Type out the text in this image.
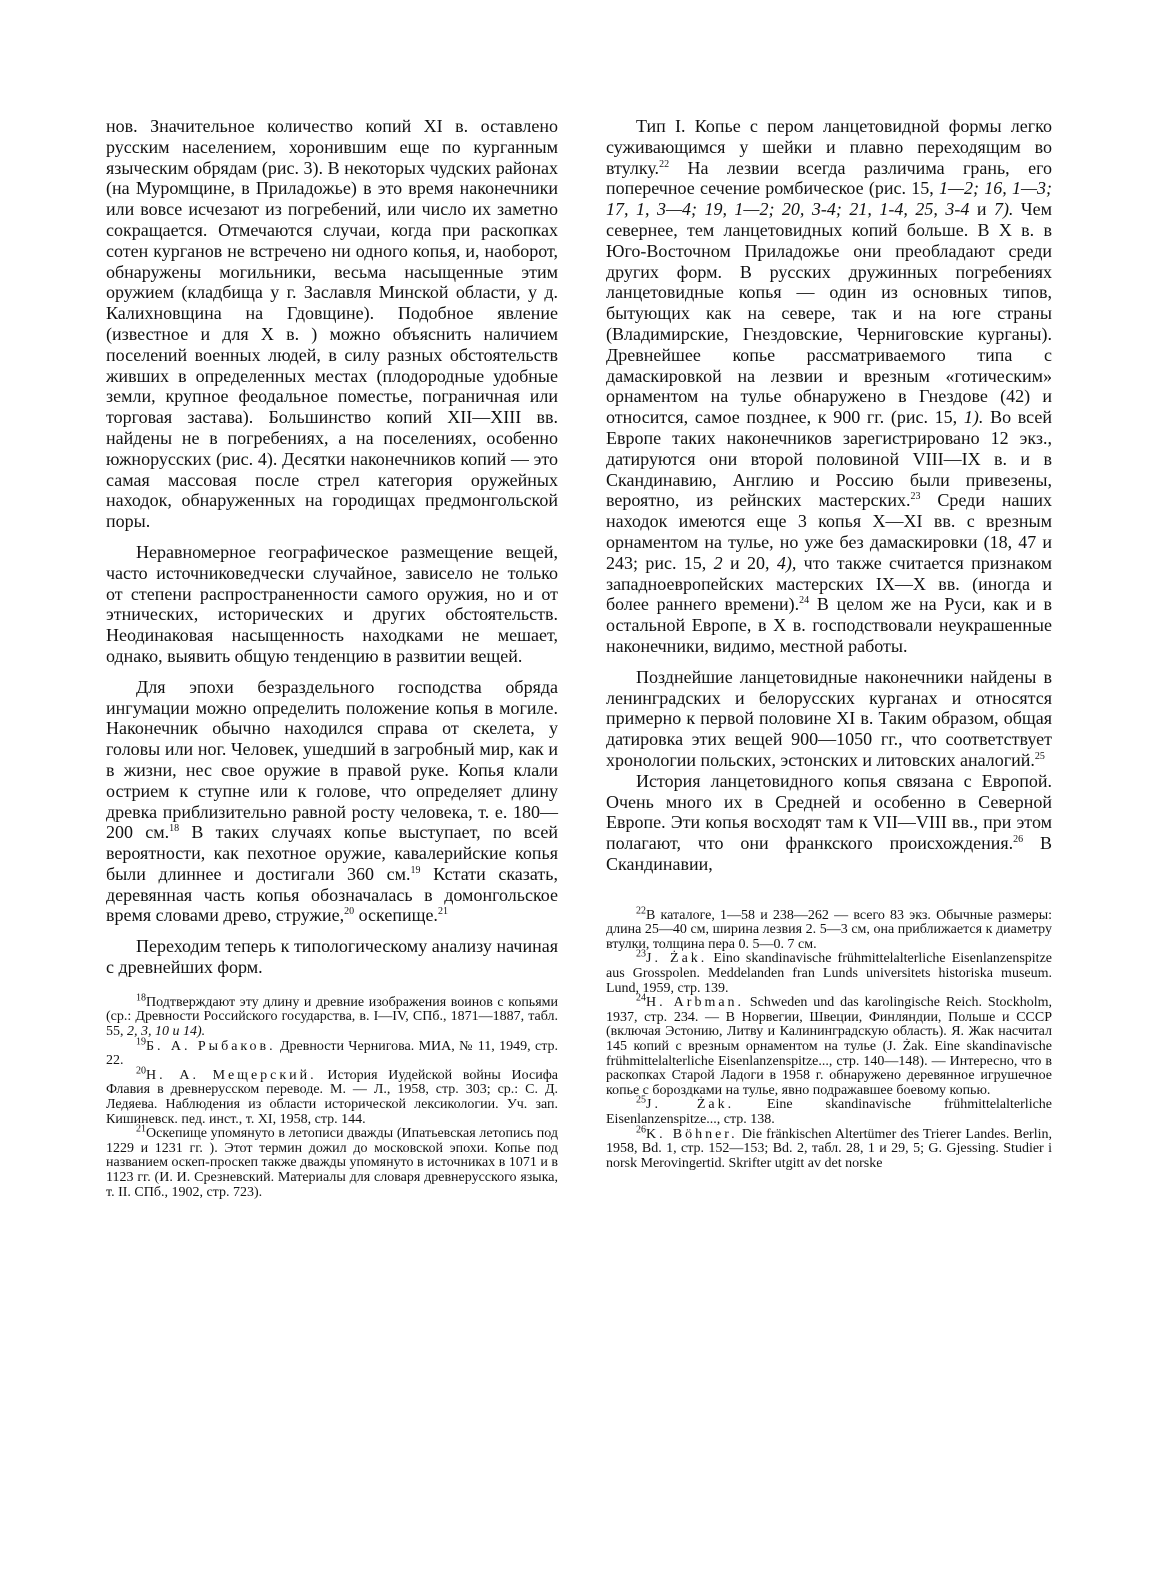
нов. Значительное количество копий XI в. оставлено русским населением, хоронившим еще по курганным языческим обрядам (рис. 3). В некоторых чудских районах (на Муромщине, в Приладожье) в это время наконечники или вовсе исчезают из погребений, или число их заметно сокращается. Отмечаются случаи, когда при раскопках сотен курганов не встречено ни одного копья, и, наоборот, обнаружены могильники, весьма насыщенные этим оружием (кладбища у г. Заславля Минской области, у д. Калихновщина на Гдовщине). Подобное явление (известное и для X в. ) можно объяснить наличием поселений военных людей, в силу разных обстоятельств живших в определенных местах (плодородные удобные земли, крупное феодальное поместье, пограничная или торговая застава). Большинство копий XII—XIII вв. найдены не в погребениях, а на поселениях, особенно южнорусских (рис. 4). Десятки наконечников копий — это самая массовая после стрел категория оружейных находок, обнаруженных на городищах предмонгольской поры.

Неравномерное географическое размещение вещей, часто источниковедчески случайное, зависело не только от степени распространенности самого оружия, но и от этнических, исторических и других обстоятельств. Неодинаковая насыщенность находками не мешает, однако, выявить общую тенденцию в развитии вещей.

Для эпохи безраздельного господства обряда ингумации можно определить положение копья в могиле. Наконечник обычно находился справа от скелета, у головы или ног. Человек, ушедший в загробный мир, как и в жизни, нес свое оружие в правой руке. Копья клали острием к ступне или к голове, что определяет длину древка приблизительно равной росту человека, т. е. 180—200 см.$^{18}$ В таких случаях копье выступает, по всей вероятности, как пехотное оружие, кавалерийские копья были длиннее и достигали 360 см.$^{19}$ Кстати сказать, деревянная часть копья обозначалась в домонгольское время словами древо, стружие,$^{20}$ оскепище.$^{21}$

Переходим теперь к типологическому анализу начиная с древнейших форм.

$^{18}$Подтверждают эту длину и древние изображения воинов с копьями (ср.: Древности Российского государства, в. I—IV, СПб., 1871—1887, табл. 55, 2, 3, 10 и 14).

$^{19}$Б. А. Рыбаков. Древности Чернигова. МИА, № 11, 1949, стр. 22.

$^{20}$Н. А. Мещерский. История Иудейской войны Иосифа Флавия в древнерусском переводе. М. — Л., 1958, стр. 303; ср.: С. Д. Ледяева. Наблюдения из области исторической лексикологии. Уч. зап. Кишиневск. пед. инст., т. XI, 1958, стр. 144.

$^{21}$Оскепище упомянуто в летописи дважды (Ипатьевская летопись под 1229 и 1231 гг. ). Этот термин дожил до московской эпохи. Копье под названием оскеп-проскеп также дважды упомянуто в источниках в 1071 и в 1123 гг. (И. И. Срезневский. Материалы для словаря древнерусского языка, т. II. СПб., 1902, стр. 723).

Тип I. Копье с пером ланцетовидной формы легко суживающимся у шейки и плавно переходящим во втулку.$^{22}$ На лезвии всегда различима грань, его поперечное сечение ромбическое (рис. 15, 1—2; 16, 1—3; 17, 1, 3—4; 19, 1—2; 20, 3-4; 21, 1-4, 25, 3-4 и 7). Чем севернее, тем ланцетовидных копий больше. В X в. в Юго-Восточном Приладожье они преобладают среди других форм. В русских дружинных погребениях ланцетовидные копья — один из основных типов, бытующих как на севере, так и на юге страны (Владимирские, Гнездовские, Черниговские курганы). Древнейшее копье рассматриваемого типа с дамаскировкой на лезвии и врезным «готическим» орнаментом на тулье обнаружено в Гнездове (42) и относится, самое позднее, к 900 гг. (рис. 15, 1). Во всей Европе таких наконечников зарегистрировано 12 экз., датируются они второй половиной VIII—IX в. и в Скандинавию, Англию и Россию были привезены, вероятно, из рейнских мастерских.$^{23}$ Среди наших находок имеются еще 3 копья X—XI вв. с врезным орнаментом на тулье, но уже без дамаскировки (18, 47 и 243; рис. 15, 2 и 20, 4), что также считается признаком западноевропейских мастерских IX—X вв. (иногда и более раннего времени).$^{24}$ В целом же на Руси, как и в остальной Европе, в X в. господствовали неукрашенные наконечники, видимо, местной работы.

Позднейшие ланцетовидные наконечники найдены в ленинградских и белорусских курганах и относятся примерно к первой половине XI в. Таким образом, общая датировка этих вещей 900—1050 гг., что соответствует хронологии польских, эстонских и литовских аналогий.$^{25}$

История ланцетовидного копья связана с Европой. Очень много их в Средней и особенно в Северной Европе. Эти копья восходят там к VII—VIII вв., при этом полагают, что они франкского происхождения.$^{26}$ В Скандинавии,

$^{22}$В каталоге, 1—58 и 238—262 — всего 83 экз. Обычные размеры: длина 25—40 см, ширина лезвия 2. 5—3 см, она приближается к диаметру втулки, толщина пера 0. 5—0. 7 см.

$^{23}$J. Żak. Eino skandinavische frühmittelalterliche Eisenlanzenspitze aus Grosspolen. Meddelanden fran Lunds universitets historiska museum. Lund, 1959, стр. 139.

$^{24}$H. Arbman. Schweden und das karolingische Reich. Stockholm, 1937, стр. 234. — В Норвегии, Швеции, Финляндии, Польше и СССР (включая Эстонию, Литву и Калининградскую область). Я. Жак насчитал 145 копий с врезным орнаментом на тулье (J. Żak. Eine skandinavische frühmittelalterliche Eisenlanzenspitze..., стр. 140—148). — Интересно, что в раскопках Старой Ладоги в 1958 г. обнаружено деревянное игрушечное копье с бороздками на тулье, явно подражавшее боевому копью.

$^{25}$J. Żak. Eine skandinavische frühmittelalterliche Eisenlanzenspitze..., стр. 138.

$^{26}$K. Böhner. Die fränkischen Altertümer des Trierer Landes. Berlin, 1958, Bd. 1, стр. 152—153; Bd. 2, табл. 28, 1 и 29, 5; G. Gjessing. Studier i norsk Merovingertid. Skrifter utgitt av det norske
